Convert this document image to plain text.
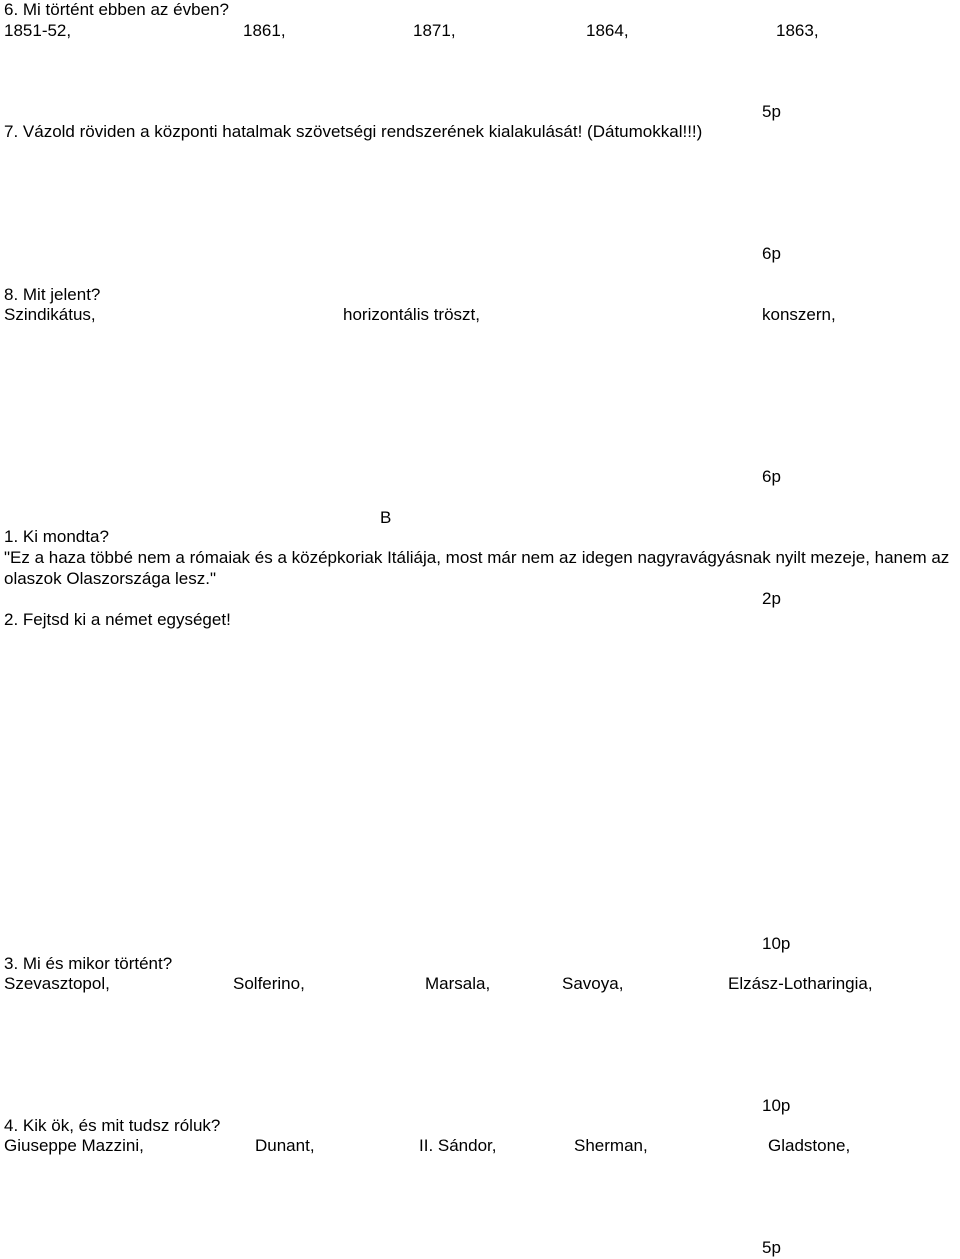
6. Mi történt ebben az évben?
1851-52,	1861,	1871,	1864,	1863,
5p
7. Vázold röviden a központi hatalmak szövetségi rendszerének kialakulását! (Dátumokkal!!!)
6p
8. Mit jelent?
Szindikátus,	horizontális tröszt,	konszern,
6p
B
1. Ki mondta?
"Ez a haza többé nem a rómaiak és a középkoriak Itáliája, most már nem az idegen nagyravágyásnak nyilt mezeje, hanem az olaszok Olaszországa lesz."
2p
2. Fejtsd ki a német egységet!
10p
3. Mi és mikor történt?
Szevasztopol,	Solferino,	Marsala,	Savoya,	Elzász-Lotharingia,
10p
4. Kik ök, és mit tudsz róluk?
Giuseppe Mazzini,	Dunant,	II. Sándor,	Sherman,	Gladstone,
5p
